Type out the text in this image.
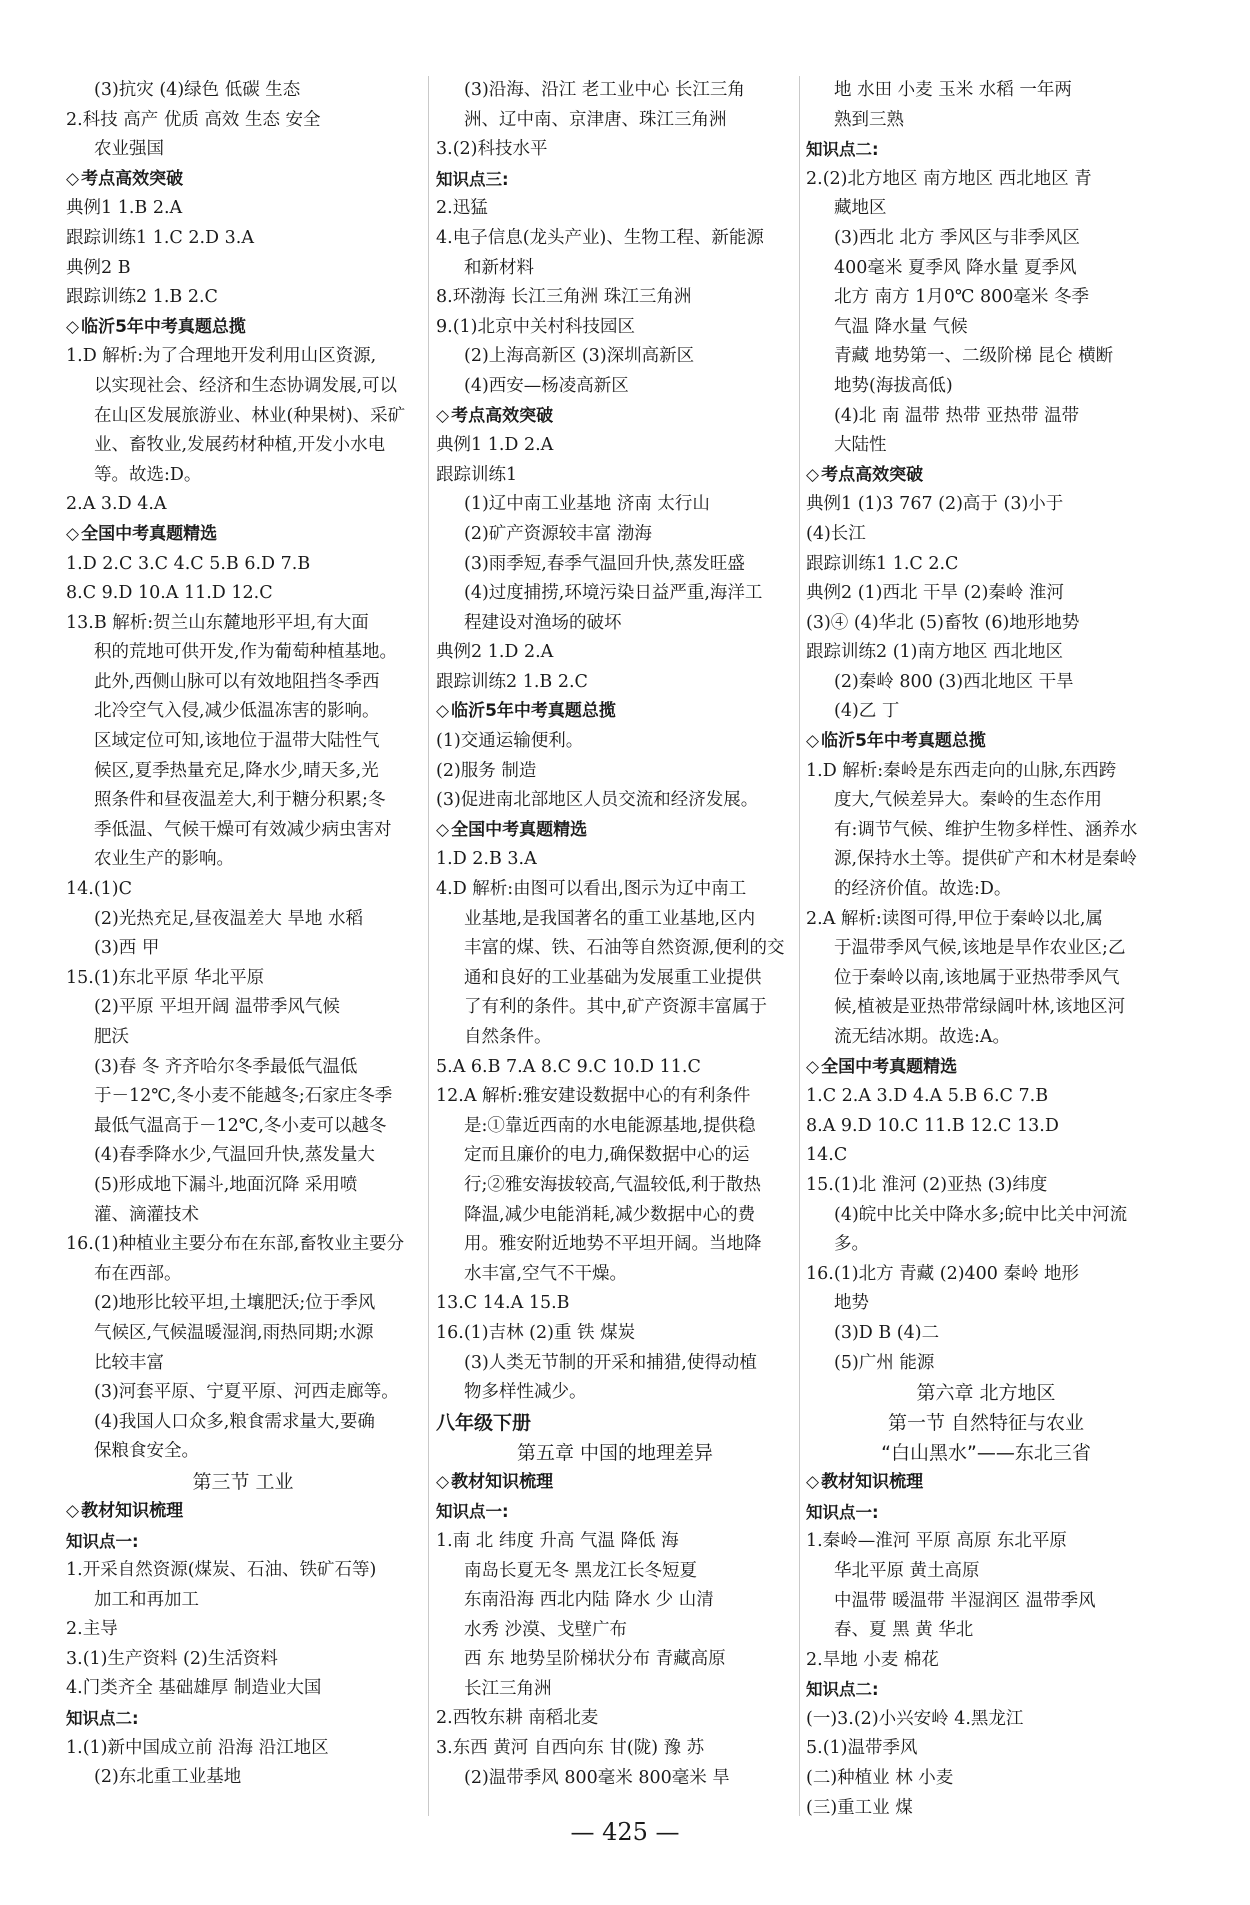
(3)抗灾 (4)绿色 低碳 生态
2.科技 高产 优质 高效 生态 安全
农业强国
◇ 考点高效突破
典例1 1.B 2.A
跟踪训练1 1.C 2.D 3.A
典例2 B
跟踪训练2 1.B 2.C
◇ 临沂5年中考真题总揽
1.D 解析:为了合理地开发利用山区资源,
以实现社会、经济和生态协调发展,可以
在山区发展旅游业、林业(种果树)、采矿
业、畜牧业,发展药材种植,开发小水电
等。故选:D。
2.A 3.D 4.A
◇ 全国中考真题精选
1.D 2.C 3.C 4.C 5.B 6.D 7.B
8.C 9.D 10.A 11.D 12.C
13.B 解析:贺兰山东麓地形平坦,有大面
积的荒地可供开发,作为葡萄种植基地。
此外,西侧山脉可以有效地阻挡冬季西
北冷空气入侵,减少低温冻害的影响。
区域定位可知,该地位于温带大陆性气
候区,夏季热量充足,降水少,晴天多,光
照条件和昼夜温差大,利于糖分积累;冬
季低温、气候干燥可有效减少病虫害对
农业生产的影响。
14.(1)C
(2)光热充足,昼夜温差大 旱地 水稻
(3)西 甲
15.(1)东北平原 华北平原
(2)平原 平坦开阔 温带季风气候
肥沃
(3)春 冬 齐齐哈尔冬季最低气温低
于－12℃,冬小麦不能越冬;石家庄冬季
最低气温高于－12℃,冬小麦可以越冬
(4)春季降水少,气温回升快,蒸发量大
(5)形成地下漏斗,地面沉降 采用喷
灌、滴灌技术
16.(1)种植业主要分布在东部,畜牧业主要分
布在西部。
(2)地形比较平坦,土壤肥沃;位于季风
气候区,气候温暖湿润,雨热同期;水源
比较丰富
(3)河套平原、宁夏平原、河西走廊等。
(4)我国人口众多,粮食需求量大,要确
保粮食安全。
第三节 工业
◇ 教材知识梳理
知识点一:
1.开采自然资源(煤炭、石油、铁矿石等)
加工和再加工
2.主导
3.(1)生产资料 (2)生活资料
4.门类齐全 基础雄厚 制造业大国
知识点二:
1.(1)新中国成立前 沿海 沿江地区
(2)东北重工业基地
(3)沿海、沿江 老工业中心 长江三角
洲、辽中南、京津唐、珠江三角洲
3.(2)科技水平
知识点三:
2.迅猛
4.电子信息(龙头产业)、生物工程、新能源
和新材料
8.环渤海 长江三角洲 珠江三角洲
9.(1)北京中关村科技园区
(2)上海高新区 (3)深圳高新区
(4)西安—杨凌高新区
◇ 考点高效突破
典例1 1.D 2.A
跟踪训练1
(1)辽中南工业基地 济南 太行山
(2)矿产资源较丰富 渤海
(3)雨季短,春季气温回升快,蒸发旺盛
(4)过度捕捞,环境污染日益严重,海洋工
程建设对渔场的破坏
典例2 1.D 2.A
跟踪训练2 1.B 2.C
◇ 临沂5年中考真题总揽
(1)交通运输便利。
(2)服务 制造
(3)促进南北部地区人员交流和经济发展。
◇ 全国中考真题精选
1.D 2.B 3.A
4.D 解析:由图可以看出,图示为辽中南工
业基地,是我国著名的重工业基地,区内
丰富的煤、铁、石油等自然资源,便利的交
通和良好的工业基础为发展重工业提供
了有利的条件。其中,矿产资源丰富属于
自然条件。
5.A 6.B 7.A 8.C 9.C 10.D 11.C
12.A 解析:雅安建设数据中心的有利条件
是:①靠近西南的水电能源基地,提供稳
定而且廉价的电力,确保数据中心的运
行;②雅安海拔较高,气温较低,利于散热
降温,减少电能消耗,减少数据中心的费
用。雅安附近地势不平坦开阔。当地降
水丰富,空气不干燥。
13.C 14.A 15.B
16.(1)吉林 (2)重 铁 煤炭
(3)人类无节制的开采和捕猎,使得动植
物多样性减少。
八年级下册
第五章 中国的地理差异
◇ 教材知识梳理
知识点一:
1.南 北 纬度 升高 气温 降低 海
南岛长夏无冬 黑龙江长冬短夏
东南沿海 西北内陆 降水 少 山清
水秀 沙漠、戈壁广布
西 东 地势呈阶梯状分布 青藏高原
长江三角洲
2.西牧东耕 南稻北麦
3.东西 黄河 自西向东 甘(陇) 豫 苏
(2)温带季风 800毫米 800毫米 旱
地 水田 小麦 玉米 水稻 一年两
熟到三熟
知识点二:
2.(2)北方地区 南方地区 西北地区 青
藏地区
(3)西北 北方 季风区与非季风区
400毫米 夏季风 降水量 夏季风
北方 南方 1月0℃ 800毫米 冬季
气温 降水量 气候
青藏 地势第一、二级阶梯 昆仑 横断
地势(海拔高低)
(4)北 南 温带 热带 亚热带 温带
大陆性
◇ 考点高效突破
典例1 (1)3 767 (2)高于 (3)小于
(4)长江
跟踪训练1 1.C 2.C
典例2 (1)西北 干旱 (2)秦岭 淮河
(3)④ (4)华北 (5)畜牧 (6)地形地势
跟踪训练2 (1)南方地区 西北地区
(2)秦岭 800 (3)西北地区 干旱
(4)乙 丁
◇ 临沂5年中考真题总揽
1.D 解析:秦岭是东西走向的山脉,东西跨
度大,气候差异大。秦岭的生态作用
有:调节气候、维护生物多样性、涵养水
源,保持水土等。提供矿产和木材是秦岭
的经济价值。故选:D。
2.A 解析:读图可得,甲位于秦岭以北,属
于温带季风气候,该地是旱作农业区;乙
位于秦岭以南,该地属于亚热带季风气
候,植被是亚热带常绿阔叶林,该地区河
流无结冰期。故选:A。
◇ 全国中考真题精选
1.C 2.A 3.D 4.A 5.B 6.C 7.B
8.A 9.D 10.C 11.B 12.C 13.D
14.C
15.(1)北 淮河 (2)亚热 (3)纬度
(4)皖中比关中降水多;皖中比关中河流
多。
16.(1)北方 青藏 (2)400 秦岭 地形
地势
(3)D B (4)二
(5)广州 能源
第六章 北方地区
第一节 自然特征与农业
“白山黑水”——东北三省
◇ 教材知识梳理
知识点一:
1.秦岭—淮河 平原 高原 东北平原
华北平原 黄土高原
中温带 暖温带 半湿润区 温带季风
春、夏 黑 黄 华北
2.旱地 小麦 棉花
知识点二:
(一)3.(2)小兴安岭 4.黑龙江
5.(1)温带季风
(二)种植业 林 小麦
(三)重工业 煤
— 425 —
